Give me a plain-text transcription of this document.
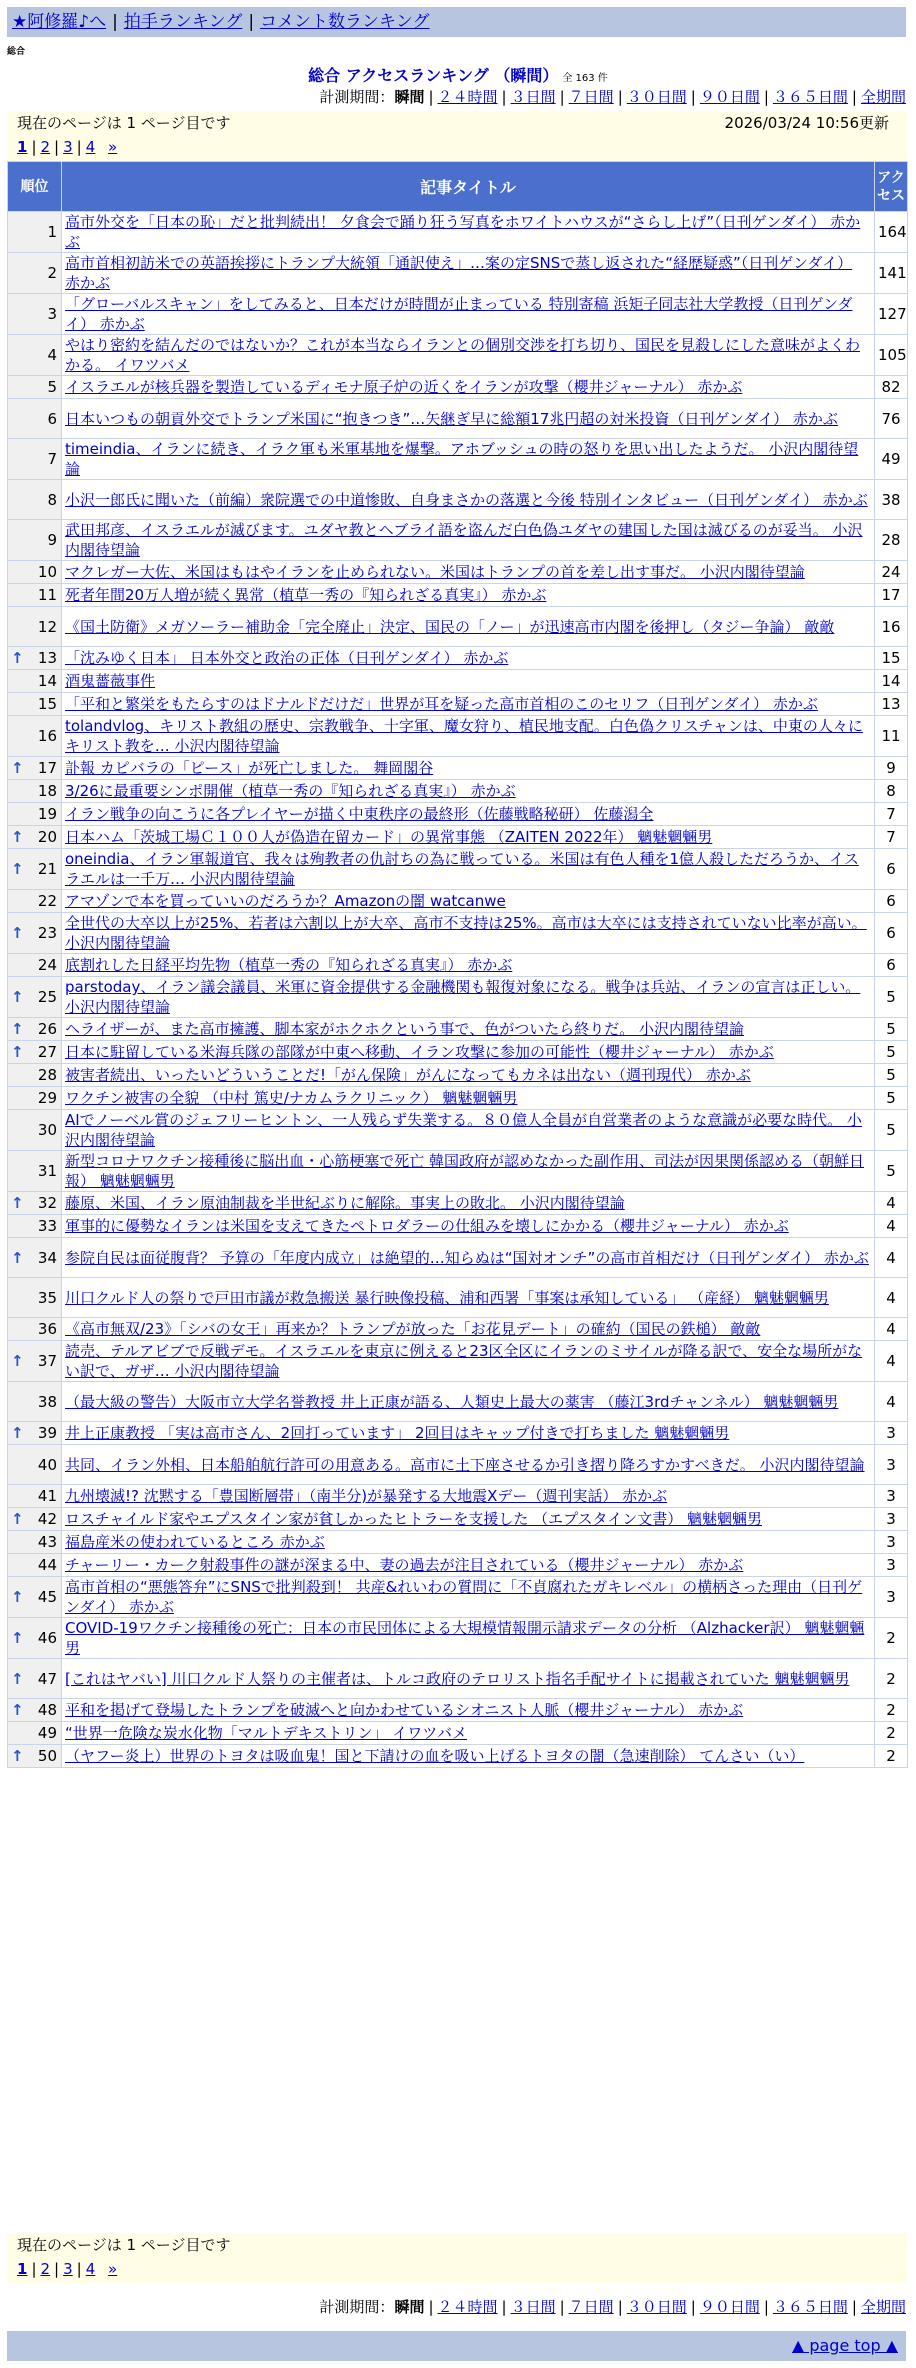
★阿修羅♪へ | 拍手ランキング | コメント数ランキング
総合
総合 アクセスランキング （瞬間） 全 163 件
計測期間：瞬間 | ２４時間 | ３日間 | ７日間 | ３０日間 | ９０日間 | ３６５日間 | 全期間
現在のページは 1 ページ目です	2026/03/24 10:56更新
1 | 2 | 3 | 4 »
順位	記事タイトル	アクセス
1	高市外交を「日本の恥」だと批判続出！ 夕食会で踊り狂う写真をホワイトハウスが“さらし上げ”（日刊ゲンダイ） 赤かぶ	164
2	高市首相初訪米での英語挨拶にトランプ大統領「通訳使え」…案の定SNSで蒸し返された“経歴疑惑”（日刊ゲンダイ） 赤かぶ	141
3	「グローバルスキャン」をしてみると、日本だけが時間が止まっている 特別寄稿 浜矩子同志社大学教授（日刊ゲンダイ） 赤かぶ	127
4	やはり密約を結んだのではないか？これが本当ならイランとの個別交渉を打ち切り、国民を見殺しにした意味がよくわかる。 イワツバメ	105
5	イスラエルが核兵器を製造しているディモナ原子炉の近くをイランが攻撃（櫻井ジャーナル） 赤かぶ	82
6	日本いつもの朝貢外交でトランプ米国に“抱きつき”…矢継ぎ早に総額17兆円超の対米投資（日刊ゲンダイ） 赤かぶ	76
7	timeindia、イランに続き、イラク軍も米軍基地を爆撃。アホブッシュの時の怒りを思い出したようだ。 小沢内閣待望論	49
8	小沢一郎氏に聞いた（前編）衆院選での中道惨敗、自身まさかの落選と今後 特別インタビュー（日刊ゲンダイ） 赤かぶ	38
9	武田邦彦、イスラエルが滅びます。ユダヤ教とヘブライ語を盗んだ白色偽ユダヤの建国した国は滅びるのが妥当。 小沢内閣待望論	28
10	マクレガー大佐、米国はもはやイランを止められない。米国はトランプの首を差し出す事だ。 小沢内閣待望論	24
11	死者年間20万人増が続く異常（植草一秀の『知られざる真実』） 赤かぶ	17
12	《国土防衛》メガソーラー補助金「完全廃止」決定、国民の「ノー」が迅速高市内閣を後押し（タジー争論） 敵敵	16

↑ 13	「沈みゆく日本」 日本外交と政治の正体（日刊ゲンダイ） 赤かぶ	15
14	酒鬼薔薇事件	14
15	「平和と繁栄をもたらすのはドナルドだけだ」世界が耳を疑った高市首相のこのセリフ（日刊ゲンダイ） 赤かぶ	13
16	tolandvlog、キリスト教組の歴史、宗教戦争、十字軍、魔女狩り、植民地支配。白色偽クリスチャンは、中東の人々にキリスト教を… 小沢内閣待望論	11

↑ 17	訃報 カピバラの「ピース」が死亡しました。 舞岡閣谷	9
18	3/26に最重要シンポ開催（植草一秀の『知られざる真実』） 赤かぶ	8
19	イラン戦争の向こうに各プレイヤーが描く中東秩序の最終形（佐藤戦略秘研） 佐藤潟全	7

↑ 20	日本ハム「茨城工場Ｃ１００人が偽造在留カード」の異常事態 （ZAITEN 2022年） 魑魅魍魎男	7

↑ 21	oneindia、イラン軍報道官、我々は殉教者の仇討ちの為に戦っている。米国は有色人種を1億人殺しただろうか、イスラエルは一千万… 小沢内閣待望論	6
22	アマゾンで本を買っていいのだろうか？Amazonの闇 watcanwe	6

↑ 23	全世代の大卒以上が25%、若者は六割以上が大卒、高市不支持は25%。高市は大卒には支持されていない比率が高い。 小沢内閣待望論	6
24	底割れした日経平均先物（植草一秀の『知られざる真実』） 赤かぶ	6

↑ 25	parstoday、イラン議会議員、米軍に資金提供する金融機関も報復対象になる。戦争は兵站、イランの宣言は正しい。 小沢内閣待望論	5

↑ 26	ヘライザーが、また高市擁護、脚本家がホクホクという事で、色がついたら終りだ。 小沢内閣待望論	5

↑ 27	日本に駐留している米海兵隊の部隊が中東へ移動、イラン攻撃に参加の可能性（櫻井ジャーナル） 赤かぶ	5
28	被害者続出、いったいどういうことだ!「がん保険」がんになってもカネは出ない（週刊現代） 赤かぶ	5
29	ワクチン被害の全貌 （中村 篤史/ナカムラクリニック） 魑魅魍魎男	5
30	AIでノーベル賞のジェフリーヒントン、一人残らず失業する。８０億人全員が自営業者のような意識が必要な時代。 小沢内閣待望論	5
31	新型コロナワクチン接種後に脳出血・心筋梗塞で死亡 韓国政府が認めなかった副作用、司法が因果関係認める（朝鮮日報） 魑魅魍魎男	5

↑ 32	藤原、米国、イラン原油制裁を半世紀ぶりに解除。事実上の敗北。 小沢内閣待望論	4
33	軍事的に優勢なイランは米国を支えてきたペトロダラーの仕組みを壊しにかかる（櫻井ジャーナル） 赤かぶ	4

↑ 34	参院自民は面従腹背？ 予算の「年度内成立」は絶望的…知らぬは“国対オンチ”の高市首相だけ（日刊ゲンダイ） 赤かぶ	4
35	川口クルド人の祭りで戸田市議が救急搬送 暴行映像投稿、浦和西署「事案は承知している」 （産経） 魑魅魍魎男	4
36	《高市無双/23》「シバの女王」再来か？トランプが放った「お花見デート」の確約（国民の鉄槌） 敵敵	4

↑ 37	読売、テルアビブで反戦デモ。イスラエルを東京に例えると23区全区にイランのミサイルが降る訳で、安全な場所がない訳で、ガザ… 小沢内閣待望論	4
38	（最大級の警告）大阪市立大学名誉教授 井上正康が語る、人類史上最大の薬害 （藤江3rdチャンネル） 魑魅魍魎男	4

↑ 39	井上正康教授 「実は高市さん、2回打っています」 2回目はキャップ付きで打ちました 魑魅魍魎男	3
40	共同、イラン外相、日本船舶航行許可の用意ある。高市に土下座させるか引き摺り降ろすかすべきだ。 小沢内閣待望論	3
41	九州壊滅!? 沈黙する「豊国断層帯」（南半分)が暴発する大地震Xデー（週刊実話） 赤かぶ	3

↑ 42	ロスチャイルド家やエプスタイン家が貧しかったヒトラーを支援した （エプスタイン文書） 魑魅魍魎男	3
43	福島産米の使われているところ 赤かぶ	3
44	チャーリー・カーク射殺事件の謎が深まる中、妻の過去が注目されている（櫻井ジャーナル） 赤かぶ	3

↑ 45	高市首相の“悪態答弁”にSNSで批判殺到！ 共産&れいわの質問に「不貞腐れたガキレベル」の横柄さった理由（日刊ゲンダイ） 赤かぶ	3

↑ 46	COVID-19ワクチン接種後の死亡：日本の市民団体による大規模情報開示請求データの分析 （Alzhacker訳） 魑魅魍魎男	2

↑ 47	[これはヤバい] 川口クルド人祭りの主催者は、トルコ政府のテロリスト指名手配サイトに掲載されていた 魑魅魍魎男	2

↑ 48	平和を掲げて登場したトランプを破滅へと向かわせているシオニスト人脈（櫻井ジャーナル） 赤かぶ	2
49	“世界一危険な炭水化物「マルトデキストリン」 イワツバメ	2

↑ 50	（ヤフー炎上）世界のトヨタは吸血鬼！国と下請けの血を吸い上げるトヨタの闇（急速削除） てんさい（い）	2
計測期間：瞬間 | ２４時間 | ３日間 | ７日間 | ３０日間 | ９０日間 | ３６５日間 | 全期間
現在のページは 1 ページ目です
1 | 2 | 3 | 4 »
▲ page top ▲
